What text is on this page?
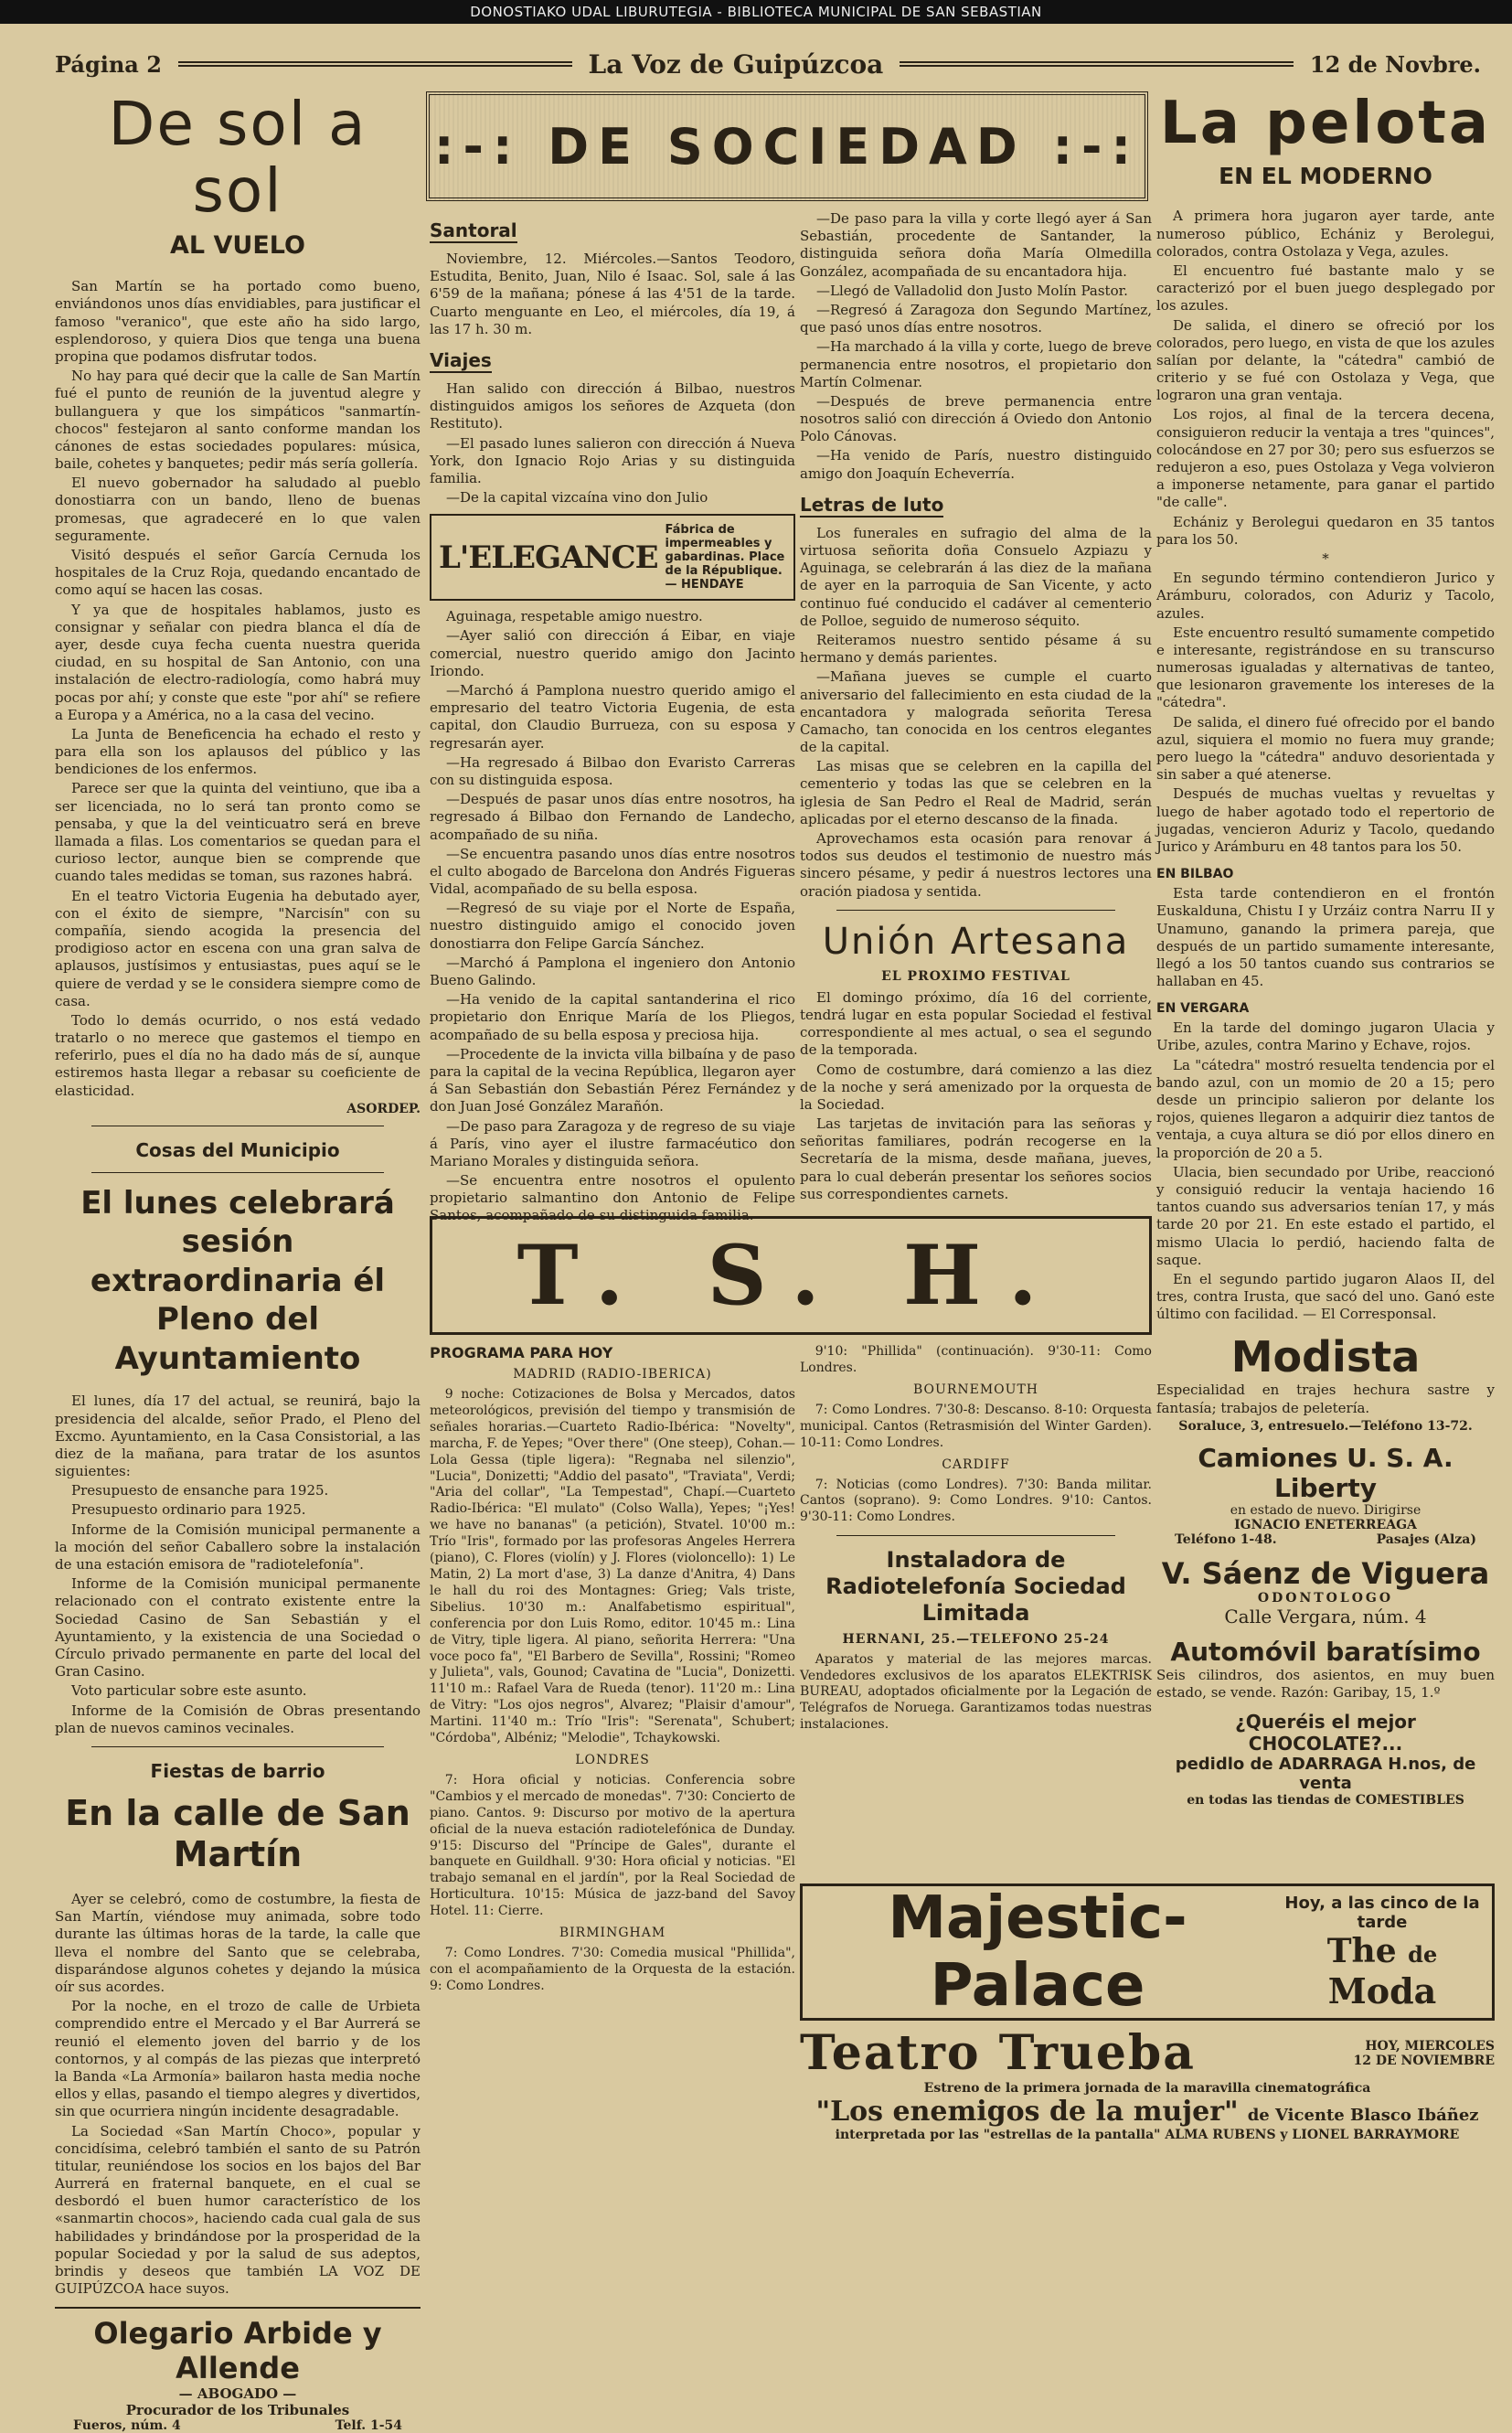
DONOSTIAKO UDAL LIBURUTEGIA - BIBLIOTECA MUNICIPAL DE SAN SEBASTIAN
Página 2	La Voz de Guipúzcoa	12 de Novbre.
De sol a sol
AL VUELO

San Martín se ha portado como bueno, enviándonos unos días envidiables, para justificar el famoso "veranico", que este año ha sido largo, esplendoroso, y quiera Dios que tenga una buena propina que podamos disfrutar todos.

No hay para qué decir que la calle de San Martín fué el punto de reunión de la juventud alegre y bullanguera y que los simpáticos "sanmartín-chocos" festejaron al santo conforme mandan los cánones de estas sociedades populares: música, baile, cohetes y banquetes; pedir más sería gollería.

El nuevo gobernador ha saludado al pueblo donostiarra con un bando, lleno de buenas promesas, que agradeceré en lo que valen seguramente.

Visitó después el señor García Cernuda los hospitales de la Cruz Roja, quedando encantado de como aquí se hacen las cosas.

Y ya que de hospitales hablamos, justo es consignar y señalar con piedra blanca el día de ayer, desde cuya fecha cuenta nuestra querida ciudad, en su hospital de San Antonio, con una instalación de electro-radiología, como habrá muy pocas por ahí; y conste que este "por ahí" se refiere a Europa y a América, no a la casa del vecino.

La Junta de Beneficencia ha echado el resto y para ella son los aplausos del público y las bendiciones de los enfermos.

Parece ser que la quinta del veintiuno, que iba a ser licenciada, no lo será tan pronto como se pensaba, y que la del veinticuatro será en breve llamada a filas. Los comentarios se quedan para el curioso lector, aunque bien se comprende que cuando tales medidas se toman, sus razones habrá.

En el teatro Victoria Eugenia ha debutado ayer, con el éxito de siempre, "Narcisín" con su compañía, siendo acogida la presencia del prodigioso actor en escena con una gran salva de aplausos, justísimos y entusiastas, pues aquí se le quiere de verdad y se le considera siempre como de casa.

Todo lo demás ocurrido, o nos está vedado tratarlo o no merece que gastemos el tiempo en referirlo, pues el día no ha dado más de sí, aunque estiremos hasta llegar a rebasar su coeficiente de elasticidad.

ASORDEP.
Cosas del Municipio
El lunes celebrará sesión extraordinaria él Pleno del Ayuntamiento

El lunes, día 17 del actual, se reunirá, bajo la presidencia del alcalde, señor Prado, el Pleno del Excmo. Ayuntamiento, en la Casa Consistorial, a las diez de la mañana, para tratar de los asuntos siguientes:

Presupuesto de ensanche para 1925.

Presupuesto ordinario para 1925.

Informe de la Comisión municipal permanente a la moción del señor Caballero sobre la instalación de una estación emisora de "radiotelefonía".

Informe de la Comisión municipal permanente relacionado con el contrato existente entre la Sociedad Casino de San Sebastián y el Ayuntamiento, y la existencia de una Sociedad o Círculo privado permanente en parte del local del Gran Casino.

Voto particular sobre este asunto.

Informe de la Comisión de Obras presentando plan de nuevos caminos vecinales.

Fiestas de barrio
En la calle de San Martín

Ayer se celebró, como de costumbre, la fiesta de San Martín, viéndose muy animada, sobre todo durante las últimas horas de la tarde, la calle que lleva el nombre del Santo que se celebraba, disparándose algunos cohetes y dejando la música oír sus acordes.

Por la noche, en el trozo de calle de Urbieta comprendido entre el Mercado y el Bar Aurrerá se reunió el elemento joven del barrio y de los contornos, y al compás de las piezas que interpretó la Banda «La Armonía» bailaron hasta media noche ellos y ellas, pasando el tiempo alegres y divertidos, sin que ocurriera ningún incidente desagradable.

La Sociedad «San Martín Choco», popular y concidísima, celebró también el santo de su Patrón titular, reuniéndose los socios en los bajos del Bar Aurrerá en fraternal banquete, en el cual se desbordó el buen humor característico de los «sanmartin chocos», haciendo cada cual gala de sus habilidades y brindándose por la prosperidad de la popular Sociedad y por la salud de sus adeptos, brindis y deseos que también LA VOZ DE GUIPÚZCOA hace suyos.

Olegario Arbide y Allende
— ABOGADO —
Procurador de los Tribunales
Fueros, núm. 4	Telf. 1-54
:-: DE SOCIEDAD :-:
Santoral

Noviembre, 12. Miércoles.—Santos Teodoro, Estudita, Benito, Juan, Nilo é Isaac. Sol, sale á las 6'59 de la mañana; pónese á las 4'51 de la tarde. Cuarto menguante en Leo, el miércoles, día 19, á las 17 h. 30 m.

Viajes

Han salido con dirección á Bilbao, nuestros distinguidos amigos los señores de Azqueta (don Restituto).

—El pasado lunes salieron con dirección á Nueva York, don Ignacio Rojo Arias y su distinguida familia.

—De la capital vizcaína vino don Julio

L'ELEGANCE
Fábrica de impermeables y gabardinas. Place de la République. — HENDAYE

Aguinaga, respetable amigo nuestro.

—Ayer salió con dirección á Eibar, en viaje comercial, nuestro querido amigo don Jacinto Iriondo.

—Marchó á Pamplona nuestro querido amigo el empresario del teatro Victoria Eugenia, de esta capital, don Claudio Burrueza, con su esposa y regresarán ayer.

—Ha regresado á Bilbao don Evaristo Carreras con su distinguida esposa.

—Después de pasar unos días entre nosotros, ha regresado á Bilbao don Fernando de Landecho, acompañado de su niña.

—Se encuentra pasando unos días entre nosotros el culto abogado de Barcelona don Andrés Figueras Vidal, acompañado de su bella esposa.

—Regresó de su viaje por el Norte de España, nuestro distinguido amigo el conocido joven donostiarra don Felipe García Sánchez.

—Marchó á Pamplona el ingeniero don Antonio Bueno Galindo.

—Ha venido de la capital santanderina el rico propietario don Enrique María de los Pliegos, acompañado de su bella esposa y preciosa hija.

—Procedente de la invicta villa bilbaína y de paso para la capital de la vecina República, llegaron ayer á San Sebastián don Sebastián Pérez Fernández y don Juan José González Marañón.

—De paso para Zaragoza y de regreso de su viaje á París, vino ayer el ilustre farmacéutico don Mariano Morales y distinguida señora.

—Se encuentra entre nosotros el opulento propietario salmantino don Antonio de Felipe Santos, acompañado de su distinguida familia.

—De paso para la villa y corte llegó ayer á San Sebastián, procedente de Santander, la distinguida señora doña María Olmedilla González, acompañada de su encantadora hija.

—Llegó de Valladolid don Justo Molín Pastor.

—Regresó á Zaragoza don Segundo Martínez, que pasó unos días entre nosotros.

—Ha marchado á la villa y corte, luego de breve permanencia entre nosotros, el propietario don Martín Colmenar.

—Después de breve permanencia entre nosotros salió con dirección á Oviedo don Antonio Polo Cánovas.

—Ha venido de París, nuestro distinguido amigo don Joaquín Echeverría.

Letras de luto

Los funerales en sufragio del alma de la virtuosa señorita doña Consuelo Azpiazu y Aguinaga, se celebrarán á las diez de la mañana de ayer en la parroquia de San Vicente, y acto continuo fué conducido el cadáver al cementerio de Polloe, seguido de numeroso séquito.

Reiteramos nuestro sentido pésame á su hermano y demás parientes.

—Mañana jueves se cumple el cuarto aniversario del fallecimiento en esta ciudad de la encantadora y malograda señorita Teresa Camacho, tan conocida en los centros elegantes de la capital.

Las misas que se celebren en la capilla del cementerio y todas las que se celebren en la iglesia de San Pedro el Real de Madrid, serán aplicadas por el eterno descanso de la finada.

Aprovechamos esta ocasión para renovar á todos sus deudos el testimonio de nuestro más sincero pésame, y pedir á nuestros lectores una oración piadosa y sentida.

Unión Artesana
EL PROXIMO FESTIVAL

El domingo próximo, día 16 del corriente, tendrá lugar en esta popular Sociedad el festival correspondiente al mes actual, o sea el segundo de la temporada.

Como de costumbre, dará comienzo a las diez de la noche y será amenizado por la orquesta de la Sociedad.

Las tarjetas de invitación para las señoras y señoritas familiares, podrán recogerse en la Secretaría de la misma, desde mañana, jueves, para lo cual deberán presentar los señores socios sus correspondientes carnets.

T. S. H.
PROGRAMA PARA HOY
MADRID (RADIO-IBERICA)

9 noche: Cotizaciones de Bolsa y Mercados, datos meteorológicos, previsión del tiempo y transmisión de señales horarias.—Cuarteto Radio-Ibérica: "Novelty", marcha, F. de Yepes; "Over there" (One steep), Cohan.—Lola Gessa (tiple ligera): "Regnaba nel silenzio", "Lucia", Donizetti; "Addio del pasato", "Traviata", Verdi; "Aria del collar", "La Tempestad", Chapí.—Cuarteto Radio-Ibérica: "El mulato" (Colso Walla), Yepes; "¡Yes! we have no bananas" (a petición), Stvatel. 10'00 m.: Trío "Iris", formado por las profesoras Angeles Herrera (piano), C. Flores (violín) y J. Flores (violoncello): 1) Le Matin, 2) La mort d'ase, 3) La danze d'Anitra, 4) Dans le hall du roi des Montagnes: Grieg; Vals triste, Sibelius. 10'30 m.: Analfabetismo espiritual", conferencia por don Luis Romo, editor. 10'45 m.: Lina de Vitry, tiple ligera. Al piano, señorita Herrera: "Una voce poco fa", "El Barbero de Sevilla", Rossini; "Romeo y Julieta", vals, Gounod; Cavatina de "Lucia", Donizetti. 11'10 m.: Rafael Vara de Rueda (tenor). 11'20 m.: Lina de Vitry: "Los ojos negros", Alvarez; "Plaisir d'amour", Martini. 11'40 m.: Trío "Iris": "Serenata", Schubert; "Córdoba", Albéniz; "Melodie", Tchaykowski.

LONDRES

7: Hora oficial y noticias. Conferencia sobre "Cambios y el mercado de monedas". 7'30: Concierto de piano. Cantos. 9: Discurso por motivo de la apertura oficial de la nueva estación radiotelefónica de Dunday. 9'15: Discurso del "Príncipe de Gales", durante el banquete en Guildhall. 9'30: Hora oficial y noticias. "El trabajo semanal en el jardín", por la Real Sociedad de Horticultura. 10'15: Música de jazz-band del Savoy Hotel. 11: Cierre.

BIRMINGHAM

7: Como Londres. 7'30: Comedia musical "Phillida", con el acompañamiento de la Orquesta de la estación. 9: Como Londres.

9'10: "Phillida" (continuación). 9'30-11: Como Londres.

BOURNEMOUTH

7: Como Londres. 7'30-8: Descanso. 8-10: Orquesta municipal. Cantos (Retrasmisión del Winter Garden). 10-11: Como Londres.

CARDIFF

7: Noticias (como Londres). 7'30: Banda militar. Cantos (soprano). 9: Como Londres. 9'10: Cantos. 9'30-11: Como Londres.

Instaladora de Radiotelefonía Sociedad Limitada
HERNANI, 25.—TELEFONO 25-24

Aparatos y material de las mejores marcas. Vendedores exclusivos de los aparatos ELEKTRISK BUREAU, adoptados oficialmente por la Legación de Telégrafos de Noruega. Garantizamos todas nuestras instalaciones.

La pelota
EN EL MODERNO

A primera hora jugaron ayer tarde, ante numeroso público, Echániz y Berolegui, colorados, contra Ostolaza y Vega, azules.

El encuentro fué bastante malo y se caracterizó por el buen juego desplegado por los azules.

De salida, el dinero se ofreció por los colorados, pero luego, en vista de que los azules salían por delante, la "cátedra" cambió de criterio y se fué con Ostolaza y Vega, que lograron una gran ventaja.

Los rojos, al final de la tercera decena, consiguieron reducir la ventaja a tres "quinces", colocándose en 27 por 30; pero sus esfuerzos se redujeron a eso, pues Ostolaza y Vega volvieron a imponerse netamente, para ganar el partido "de calle".

Echániz y Berolegui quedaron en 35 tantos para los 50.

*

En segundo término contendieron Jurico y Arámburu, colorados, con Aduriz y Tacolo, azules.

Este encuentro resultó sumamente competido e interesante, registrándose en su transcurso numerosas igualadas y alternativas de tanteo, que lesionaron gravemente los intereses de la "cátedra".

De salida, el dinero fué ofrecido por el bando azul, siquiera el momio no fuera muy grande; pero luego la "cátedra" anduvo desorientada y sin saber a qué atenerse.

Después de muchas vueltas y revueltas y luego de haber agotado todo el repertorio de jugadas, vencieron Aduriz y Tacolo, quedando Jurico y Arámburu en 48 tantos para los 50.

EN BILBAO

Esta tarde contendieron en el frontón Euskalduna, Chistu I y Urzáiz contra Narru II y Unamuno, ganando la primera pareja, que después de un partido sumamente interesante, llegó a los 50 tantos cuando sus contrarios se hallaban en 45.

EN VERGARA

En la tarde del domingo jugaron Ulacia y Uribe, azules, contra Marino y Echave, rojos.

La "cátedra" mostró resuelta tendencia por el bando azul, con un momio de 20 a 15; pero desde un principio salieron por delante los rojos, quienes llegaron a adquirir diez tantos de ventaja, a cuya altura se dió por ellos dinero en la proporción de 20 a 5.

Ulacia, bien secundado por Uribe, reaccionó y consiguió reducir la ventaja haciendo 16 tantos cuando sus adversarios tenían 17, y más tarde 20 por 21. En este estado el partido, el mismo Ulacia lo perdió, haciendo falta de saque.

En el segundo partido jugaron Alaos II, del tres, contra Irusta, que sacó del uno. Ganó este último con facilidad. — El Corresponsal.

Modista

Especialidad en trajes hechura sastre y fantasía; trabajos de peletería.

Soraluce, 3, entresuelo.—Teléfono 13-72.
Camiones U. S. A. Liberty
en estado de nuevo. Dirigirse
IGNACIO ENETERREAGA
Teléfono 1-48.	Pasajes (Alza)
V. Sáenz de Viguera
ODONTOLOGO
Calle Vergara, núm. 4
Automóvil baratísimo

Seis cilindros, dos asientos, en muy buen estado, se vende. Razón: Garibay, 15, 1.º

¿Queréis el mejor CHOCOLATE?...
pedidlo de ADARRAGA H.nos, de venta
en todas las tiendas de COMESTIBLES
Majestic-Palace
Hoy, a las cinco de la tarde
The de
Moda
Teatro Trueba	HOY, MIERCOLES
12 DE NOVIEMBRE
Estreno de la primera jornada de la maravilla cinematográfica
"Los enemigos de la mujer" de Vicente Blasco Ibáñez
interpretada por las "estrellas de la pantalla" ALMA RUBENS y LIONEL BARRAYMORE
